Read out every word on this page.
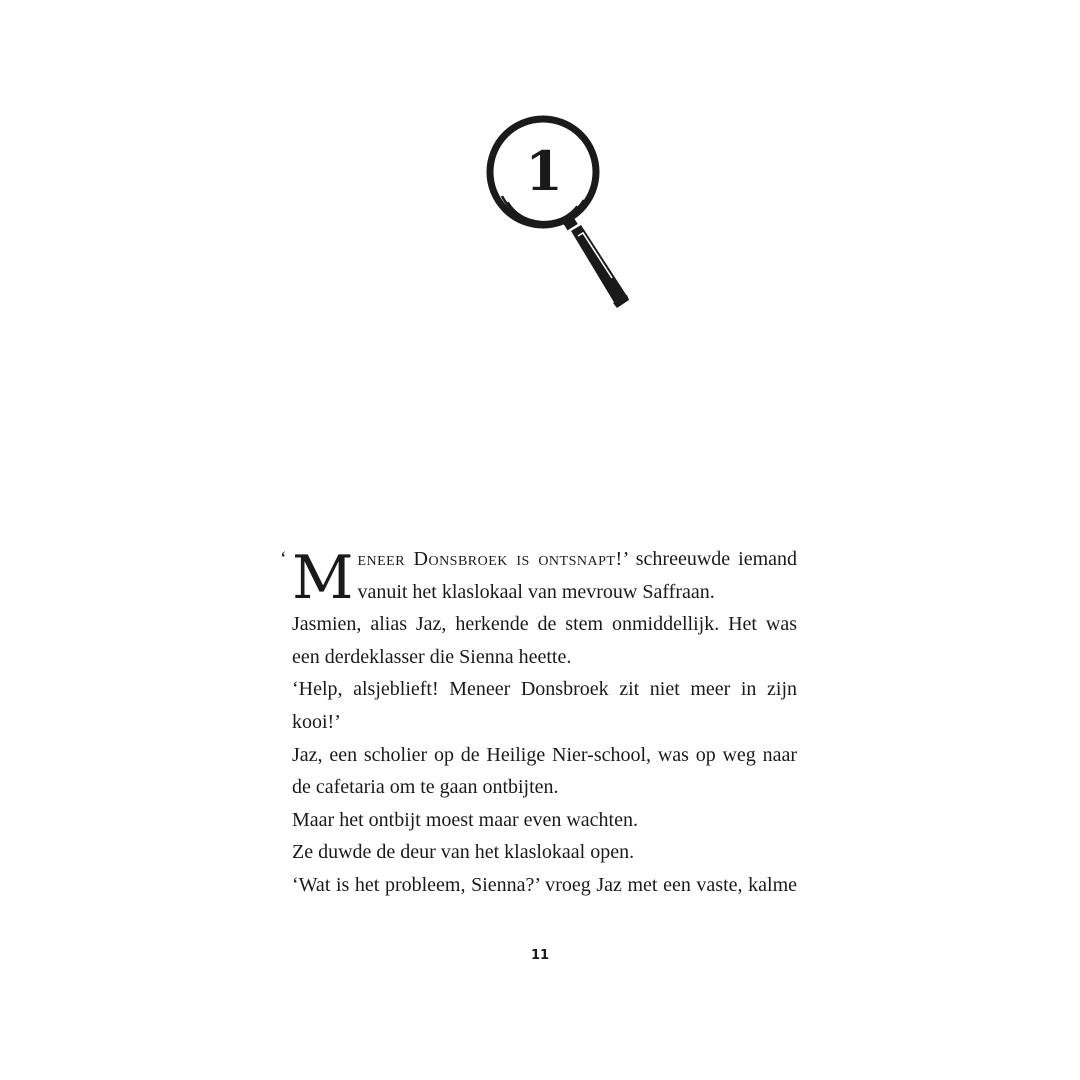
1

‘ M eneer Donsbroek is ontsnapt!’ schreeuwde iemand vanuit het klaslokaal van mevrouw Saffraan.

Jasmien, alias Jaz, herkende de stem onmiddellijk. Het was een derdeklasser die Sienna heette.

‘Help, alsjeblieft! Meneer Donsbroek zit niet meer in zijn kooi!’

Jaz, een scholier op de Heilige Nier-school, was op weg naar de cafetaria om te gaan ontbijten.

Maar het ontbijt moest maar even wachten.

Ze duwde de deur van het klaslokaal open.

‘Wat is het probleem, Sienna?’ vroeg Jaz met een vaste, kalme

11
